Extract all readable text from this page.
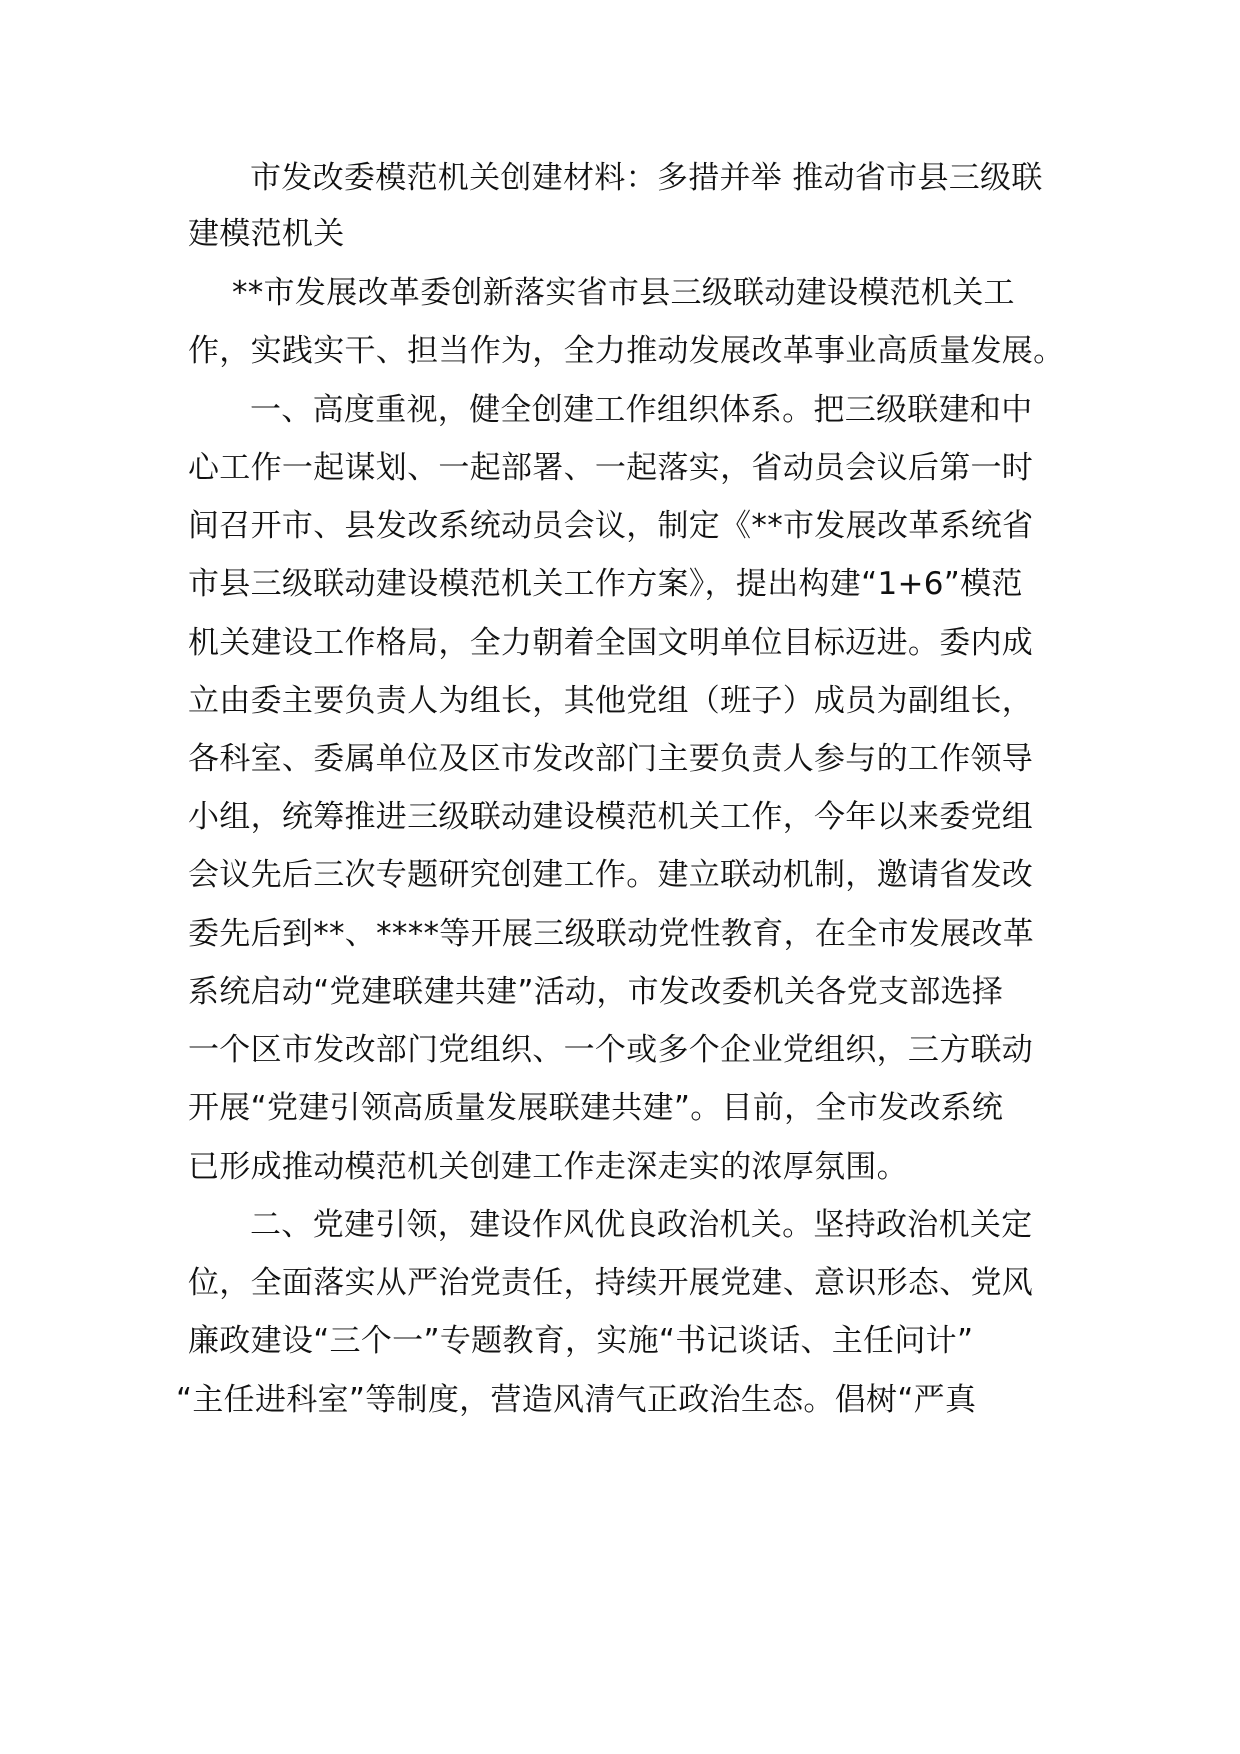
市发改委模范机关创建材料：多措并举 推动省市县三级联
建模范机关
**市发展改革委创新落实省市县三级联动建设模范机关工
作，实践实干、担当作为，全力推动发展改革事业高质量发展。
一、高度重视，健全创建工作组织体系。把三级联建和中
心工作一起谋划、一起部署、一起落实，省动员会议后第一时
间召开市、县发改系统动员会议，制定《**市发展改革系统省
市县三级联动建设模范机关工作方案》，提出构建“1+6”模范
机关建设工作格局，全力朝着全国文明单位目标迈进。委内成
立由委主要负责人为组长，其他党组（班子）成员为副组长，
各科室、委属单位及区市发改部门主要负责人参与的工作领导
小组，统筹推进三级联动建设模范机关工作，今年以来委党组
会议先后三次专题研究创建工作。建立联动机制，邀请省发改
委先后到**、****等开展三级联动党性教育，在全市发展改革
系统启动“党建联建共建”活动，市发改委机关各党支部选择
一个区市发改部门党组织、一个或多个企业党组织，三方联动
开展“党建引领高质量发展联建共建”。目前，全市发改系统
已形成推动模范机关创建工作走深走实的浓厚氛围。
二、党建引领，建设作风优良政治机关。坚持政治机关定
位，全面落实从严治党责任，持续开展党建、意识形态、党风
廉政建设“三个一”专题教育，实施“书记谈话、主任问计”
“主任进科室”等制度，营造风清气正政治生态。倡树“严真
